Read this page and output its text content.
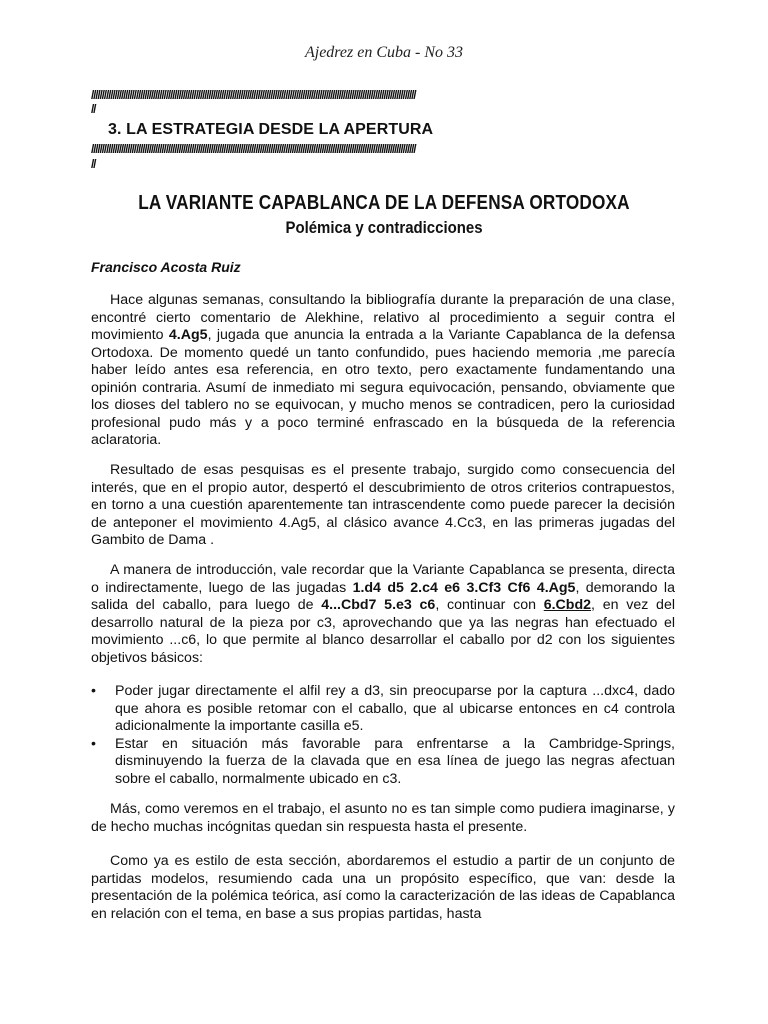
Ajedrez en Cuba - No 33
////////////////////////////////////////////////////////////////////////////////////////////////////////////////////////////////////////////////////////
//
3. LA ESTRATEGIA DESDE LA APERTURA
////////////////////////////////////////////////////////////////////////////////////////////////////////////////////////////////////////////////////////
//
LA VARIANTE CAPABLANCA DE LA DEFENSA ORTODOXA
Polémica y contradicciones
Francisco Acosta Ruiz
Hace algunas semanas, consultando la bibliografía durante la preparación de una clase, encontré cierto comentario de Alekhine, relativo al procedimiento a seguir contra el movimiento 4.Ag5, jugada que anuncia la entrada a la Variante Capablanca de la defensa Ortodoxa. De momento quedé un tanto confundido, pues haciendo memoria ,me parecía haber leído antes esa referencia, en otro texto, pero exactamente fundamentando una opinión contraria. Asumí de inmediato mi segura equivocación, pensando, obviamente que los dioses del tablero no se equivocan, y mucho menos se contradicen, pero la curiosidad profesional pudo más y a poco terminé enfrascado en la búsqueda de la referencia aclaratoria.
Resultado de esas pesquisas es el presente trabajo, surgido como consecuencia del interés, que en el propio autor, despertó el descubrimiento de otros criterios contrapuestos, en torno a una cuestión aparentemente tan intrascendente como puede parecer la decisión de anteponer el movimiento 4.Ag5, al clásico avance 4.Cc3, en las primeras jugadas del Gambito de Dama .
A manera de introducción, vale recordar que la Variante Capablanca se presenta, directa o indirectamente, luego de las jugadas 1.d4 d5 2.c4 e6 3.Cf3 Cf6 4.Ag5, demorando la salida del caballo, para luego de 4...Cbd7 5.e3 c6, continuar con 6.Cbd2, en vez del desarrollo natural de la pieza por c3, aprovechando que ya las negras han efectuado el movimiento ...c6, lo que permite al blanco desarrollar el caballo por d2 con los siguientes objetivos básicos:
• Poder jugar directamente el alfil rey a d3, sin preocuparse por la captura ...dxc4, dado que ahora es posible retomar con el caballo, que al ubicarse entonces en c4 controla adicionalmente la importante casilla e5.
• Estar en situación más favorable para enfrentarse a la Cambridge-Springs, disminuyendo la fuerza de la clavada que en esa línea de juego las negras afectuan sobre el caballo, normalmente ubicado en c3.
Más, como veremos en el trabajo, el asunto no es tan simple como pudiera imaginarse, y de hecho muchas incógnitas quedan sin respuesta hasta el presente.
Como ya es estilo de esta sección, abordaremos el estudio a partir de un conjunto de partidas modelos, resumiendo cada una un propósito específico, que van: desde la presentación de la polémica teórica, así como la caracterización de las ideas de Capablanca en relación con el tema, en base a sus propias partidas, hasta
